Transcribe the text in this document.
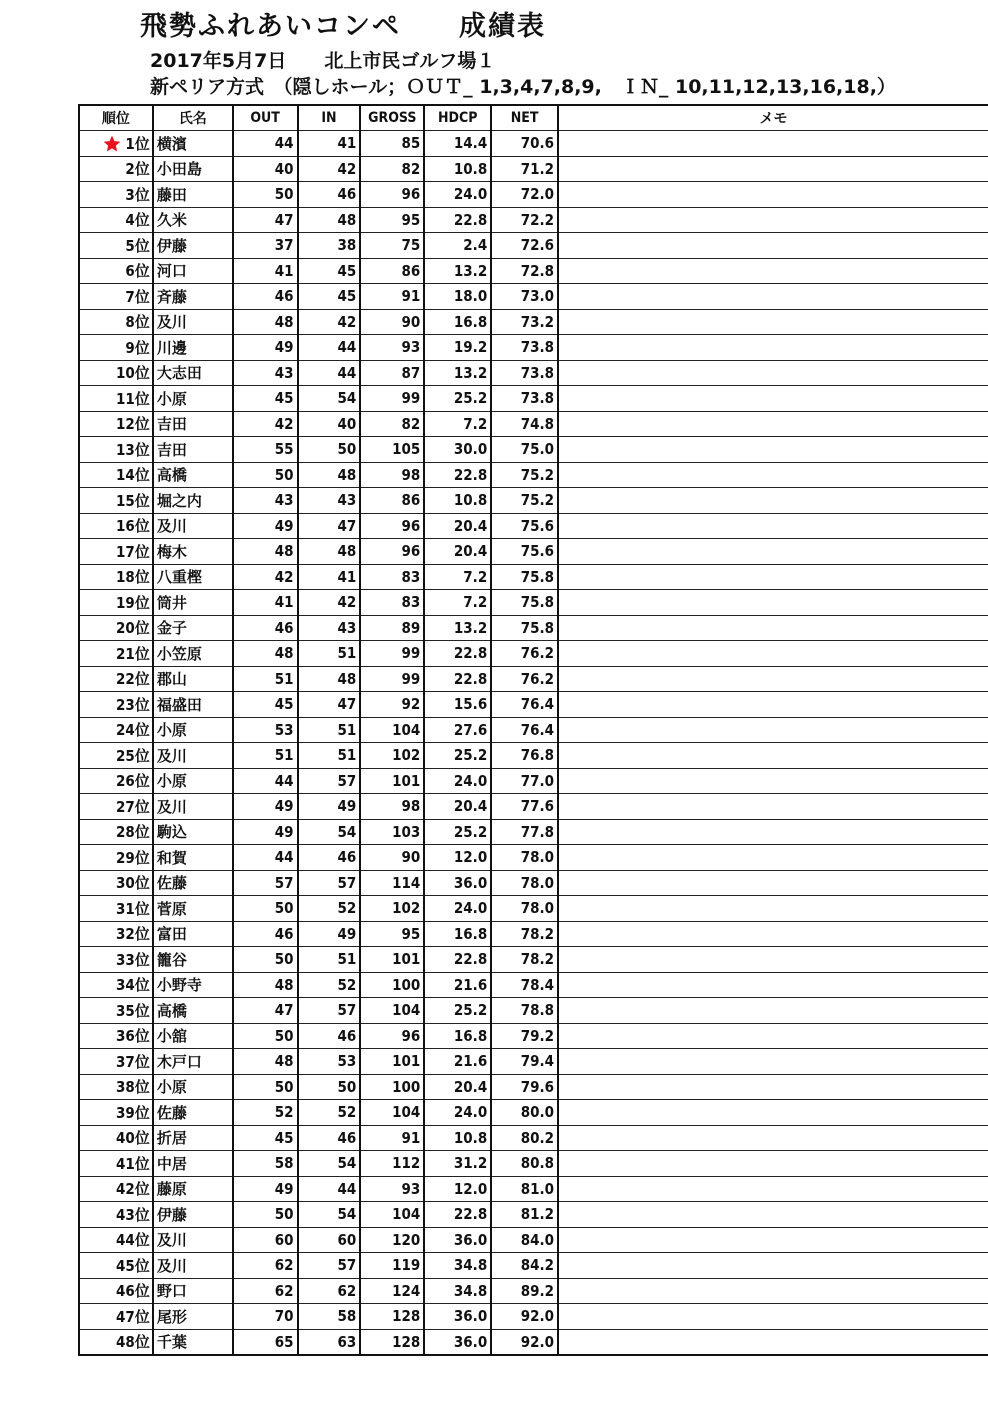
飛勢ふれあいコンペ　　成績表
2017年5月7日　　北上市民ゴルフ場１
新ペリア方式　（隠しホール；ＯＵＴ_ 1,3,4,7,8,9,　ＩＮ_ 10,11,12,13,16,18,）
順位	氏名	OUT	IN	GROSS	HDCP	NET	メモ

1位	横濱	44	41	85	14.4	70.6	
2位	小田島	40	42	82	10.8	71.2	
3位	藤田	50	46	96	24.0	72.0	
4位	久米	47	48	95	22.8	72.2	
5位	伊藤	37	38	75	2.4	72.6	
6位	河口	41	45	86	13.2	72.8	
7位	斉藤	46	45	91	18.0	73.0	
8位	及川	48	42	90	16.8	73.2	
9位	川邊	49	44	93	19.2	73.8	
10位	大志田	43	44	87	13.2	73.8	
11位	小原	45	54	99	25.2	73.8	
12位	吉田	42	40	82	7.2	74.8	
13位	吉田	55	50	105	30.0	75.0	
14位	高橋	50	48	98	22.8	75.2	
15位	堀之内	43	43	86	10.8	75.2	
16位	及川	49	47	96	20.4	75.6	
17位	梅木	48	48	96	20.4	75.6	
18位	八重樫	42	41	83	7.2	75.8	
19位	筒井	41	42	83	7.2	75.8	
20位	金子	46	43	89	13.2	75.8	
21位	小笠原	48	51	99	22.8	76.2	
22位	郡山	51	48	99	22.8	76.2	
23位	福盛田	45	47	92	15.6	76.4	
24位	小原	53	51	104	27.6	76.4	
25位	及川	51	51	102	25.2	76.8	
26位	小原	44	57	101	24.0	77.0	
27位	及川	49	49	98	20.4	77.6	
28位	駒込	49	54	103	25.2	77.8	
29位	和賀	44	46	90	12.0	78.0	
30位	佐藤	57	57	114	36.0	78.0	
31位	菅原	50	52	102	24.0	78.0	
32位	富田	46	49	95	16.8	78.2	
33位	籠谷	50	51	101	22.8	78.2	
34位	小野寺	48	52	100	21.6	78.4	
35位	高橋	47	57	104	25.2	78.8	
36位	小舘	50	46	96	16.8	79.2	
37位	木戸口	48	53	101	21.6	79.4	
38位	小原	50	50	100	20.4	79.6	
39位	佐藤	52	52	104	24.0	80.0	
40位	折居	45	46	91	10.8	80.2	
41位	中居	58	54	112	31.2	80.8	
42位	藤原	49	44	93	12.0	81.0	
43位	伊藤	50	54	104	22.8	81.2	
44位	及川	60	60	120	36.0	84.0	
45位	及川	62	57	119	34.8	84.2	
46位	野口	62	62	124	34.8	89.2	
47位	尾形	70	58	128	36.0	92.0	
48位	千葉	65	63	128	36.0	92.0	
